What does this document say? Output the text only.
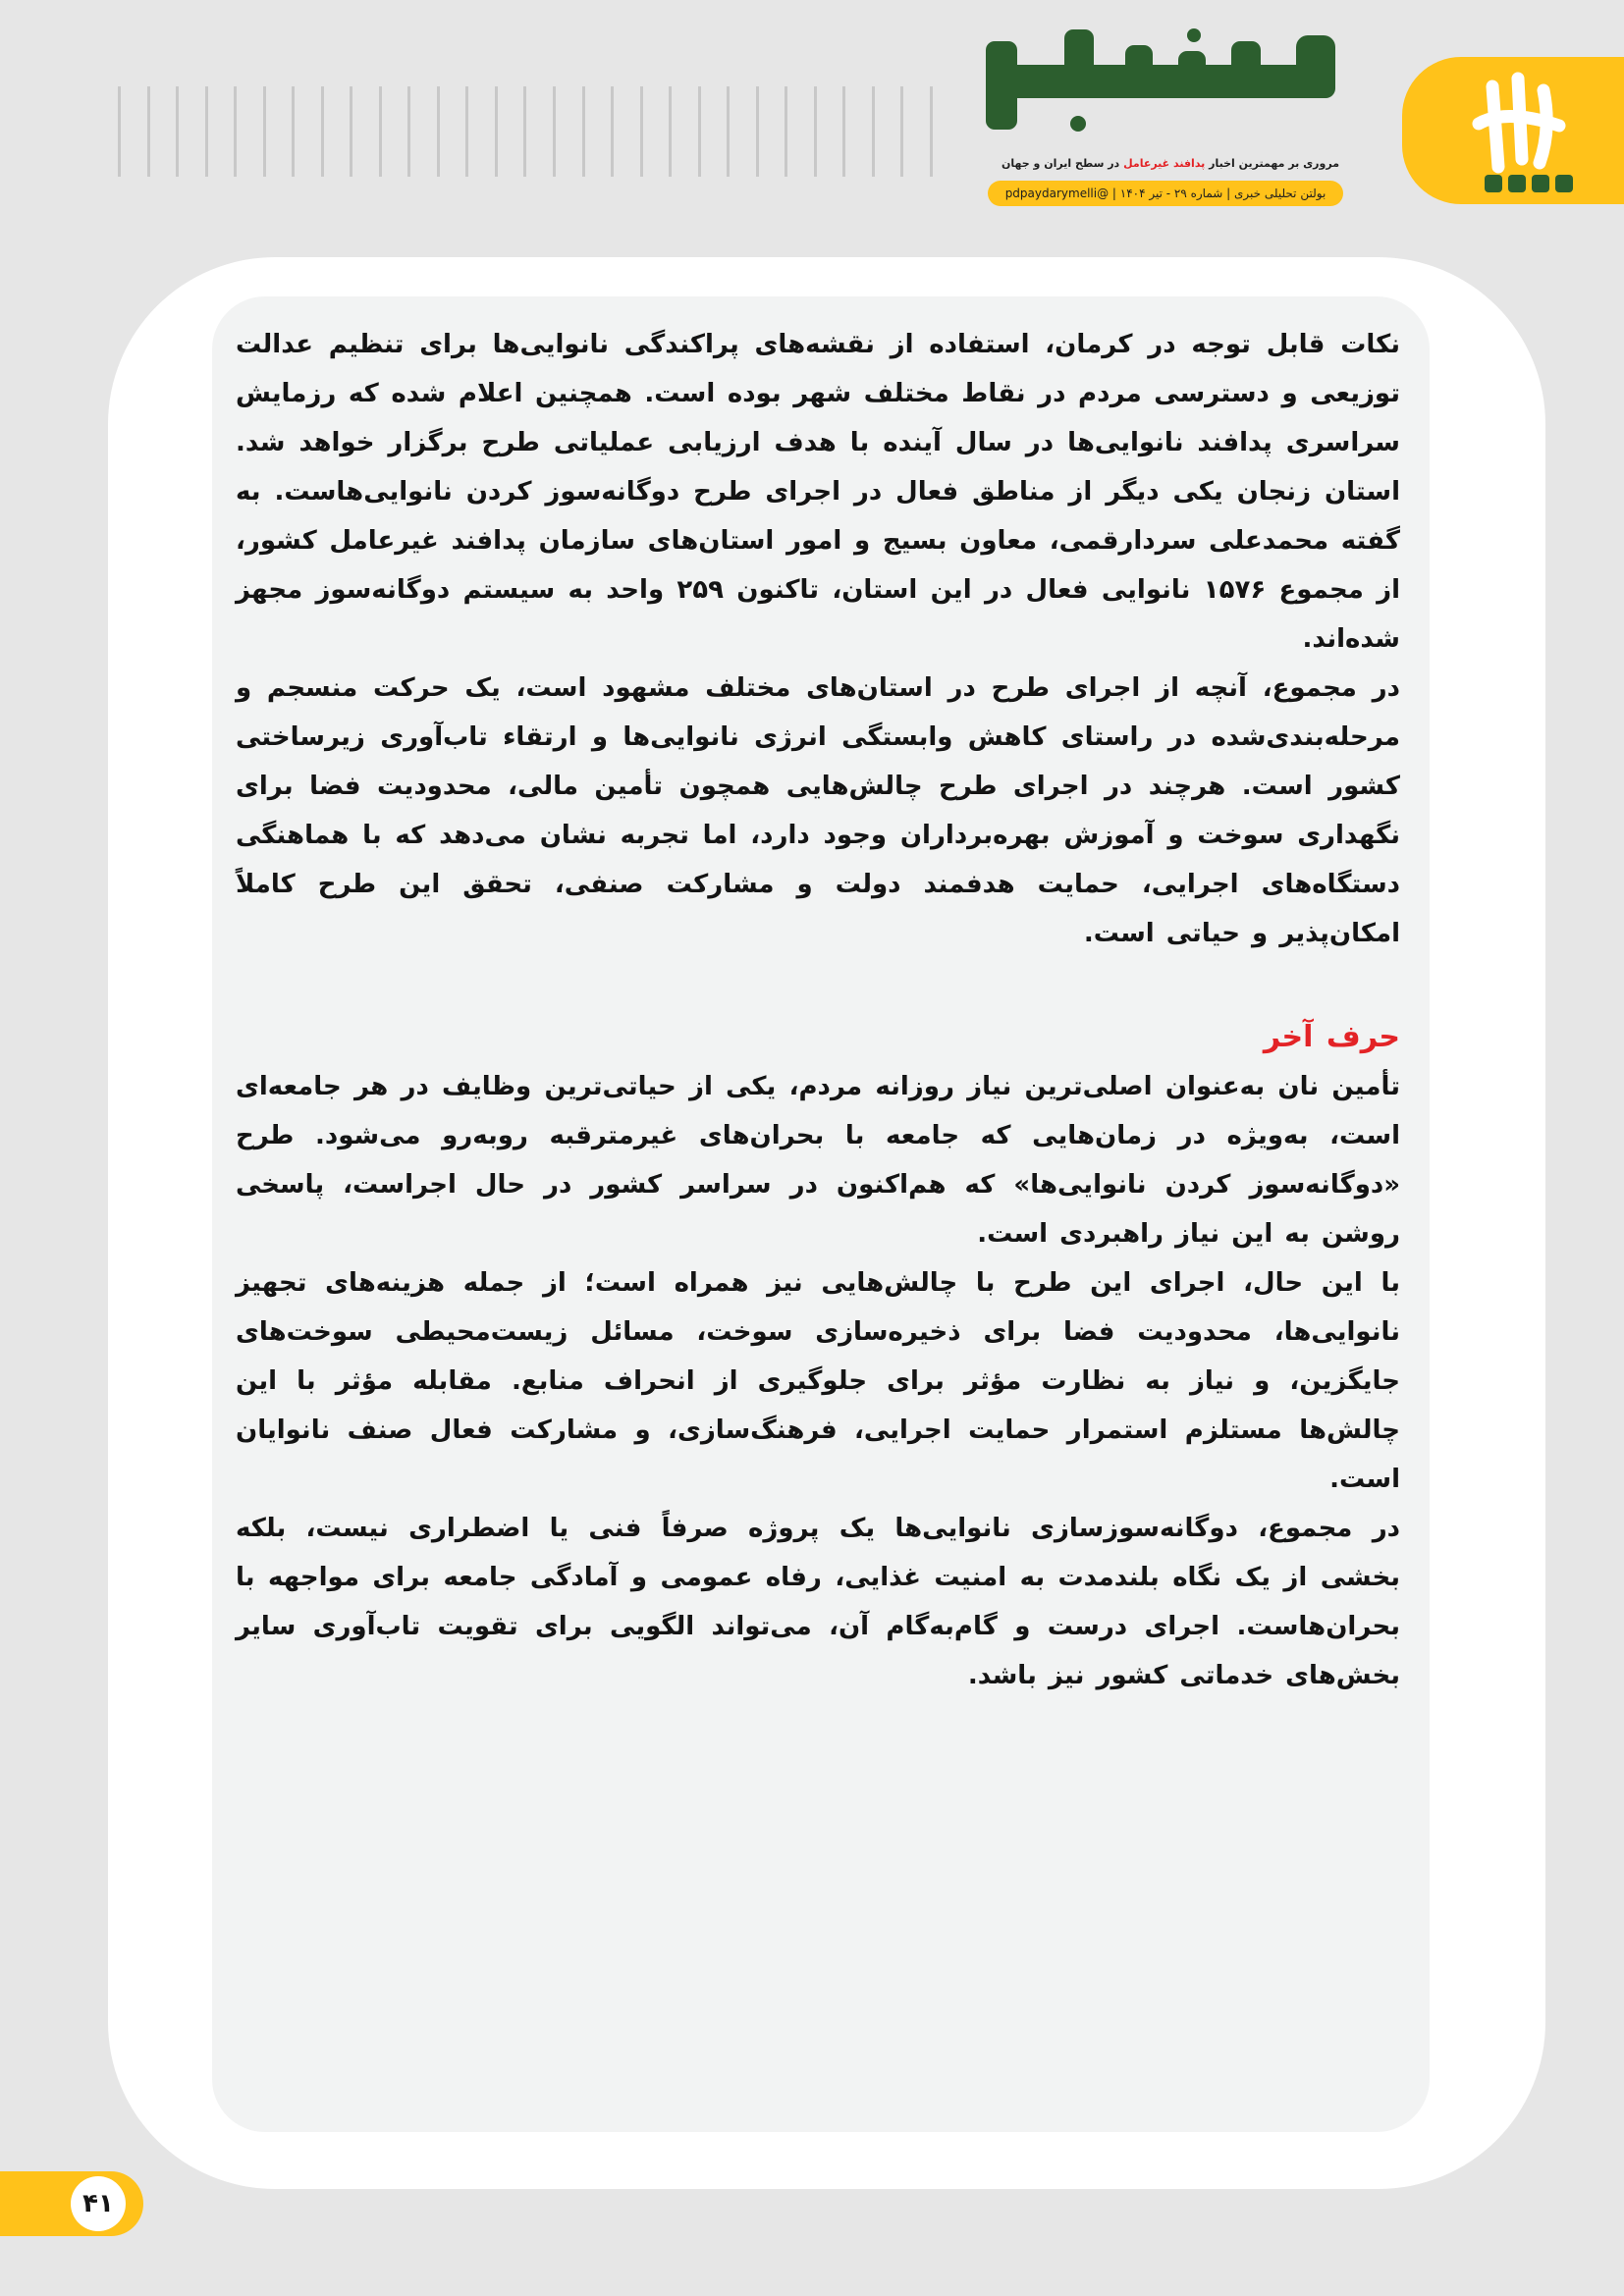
مروری بر مهمترین اخبار پدافند غیرعامل در سطح ایران و جهان
بولتن تحلیلی خبری | شماره ۲۹ - تیر ۱۴۰۴ | @pdpaydarymelli

نکات قابل توجه در کرمان، استفاده از نقشه‌های پراکندگی نانوایی‌ها برای تنظیم عدالت توزیعی و دسترسی مردم در نقاط مختلف شهر بوده است. همچنین اعلام شده که رزمایش سراسری پدافند نانوایی‌ها در سال آینده با هدف ارزیابی عملیاتی طرح برگزار خواهد شد. استان زنجان یکی دیگر از مناطق فعال در اجرای طرح دوگانه‌سوز کردن نانوایی‌هاست. به گفته محمدعلی سردارقمی، معاون بسیج و امور استان‌های سازمان پدافند غیرعامل کشور، از مجموع ۱۵۷۶ نانوایی فعال در این استان، تاکنون ۲۵۹ واحد به سیستم دوگانه‌سوز مجهز شده‌اند.

در مجموع، آنچه از اجرای طرح در استان‌های مختلف مشهود است، یک حرکت منسجم و مرحله‌بندی‌شده در راستای کاهش وابستگی انرژی نانوایی‌ها و ارتقاء تاب‌آوری زیرساختی کشور است. هرچند در اجرای طرح چالش‌هایی همچون تأمین مالی، محدودیت فضا برای نگهداری سوخت و آموزش بهره‌برداران وجود دارد، اما تجربه نشان می‌دهد که با هماهنگی دستگاه‌های اجرایی، حمایت هدفمند دولت و مشارکت صنفی، تحقق این طرح کاملاً امکان‌پذیر و حیاتی است.

حرف آخر

تأمین نان به‌عنوان اصلی‌ترین نیاز روزانه مردم، یکی از حیاتی‌ترین وظایف در هر جامعه‌ای است، به‌ویژه در زمان‌هایی که جامعه با بحران‌های غیرمترقبه روبه‌رو می‌شود. طرح «دوگانه‌سوز کردن نانوایی‌ها» که هم‌اکنون در سراسر کشور در حال اجراست، پاسخی روشن به این نیاز راهبردی است.

با این حال، اجرای این طرح با چالش‌هایی نیز همراه است؛ از جمله هزینه‌های تجهیز نانوایی‌ها، محدودیت فضا برای ذخیره‌سازی سوخت، مسائل زیست‌محیطی سوخت‌های جایگزین، و نیاز به نظارت مؤثر برای جلوگیری از انحراف منابع. مقابله مؤثر با این چالش‌ها مستلزم استمرار حمایت اجرایی، فرهنگ‌سازی، و مشارکت فعال صنف نانوایان است.

در مجموع، دوگانه‌سوزسازی نانوایی‌ها یک پروژه صرفاً فنی یا اضطراری نیست، بلکه بخشی از یک نگاه بلندمدت به امنیت غذایی، رفاه عمومی و آمادگی جامعه برای مواجهه با بحران‌هاست. اجرای درست و گام‌به‌گام آن، می‌تواند الگویی برای تقویت تاب‌آوری سایر بخش‌های خدماتی کشور نیز باشد.

۴۱
